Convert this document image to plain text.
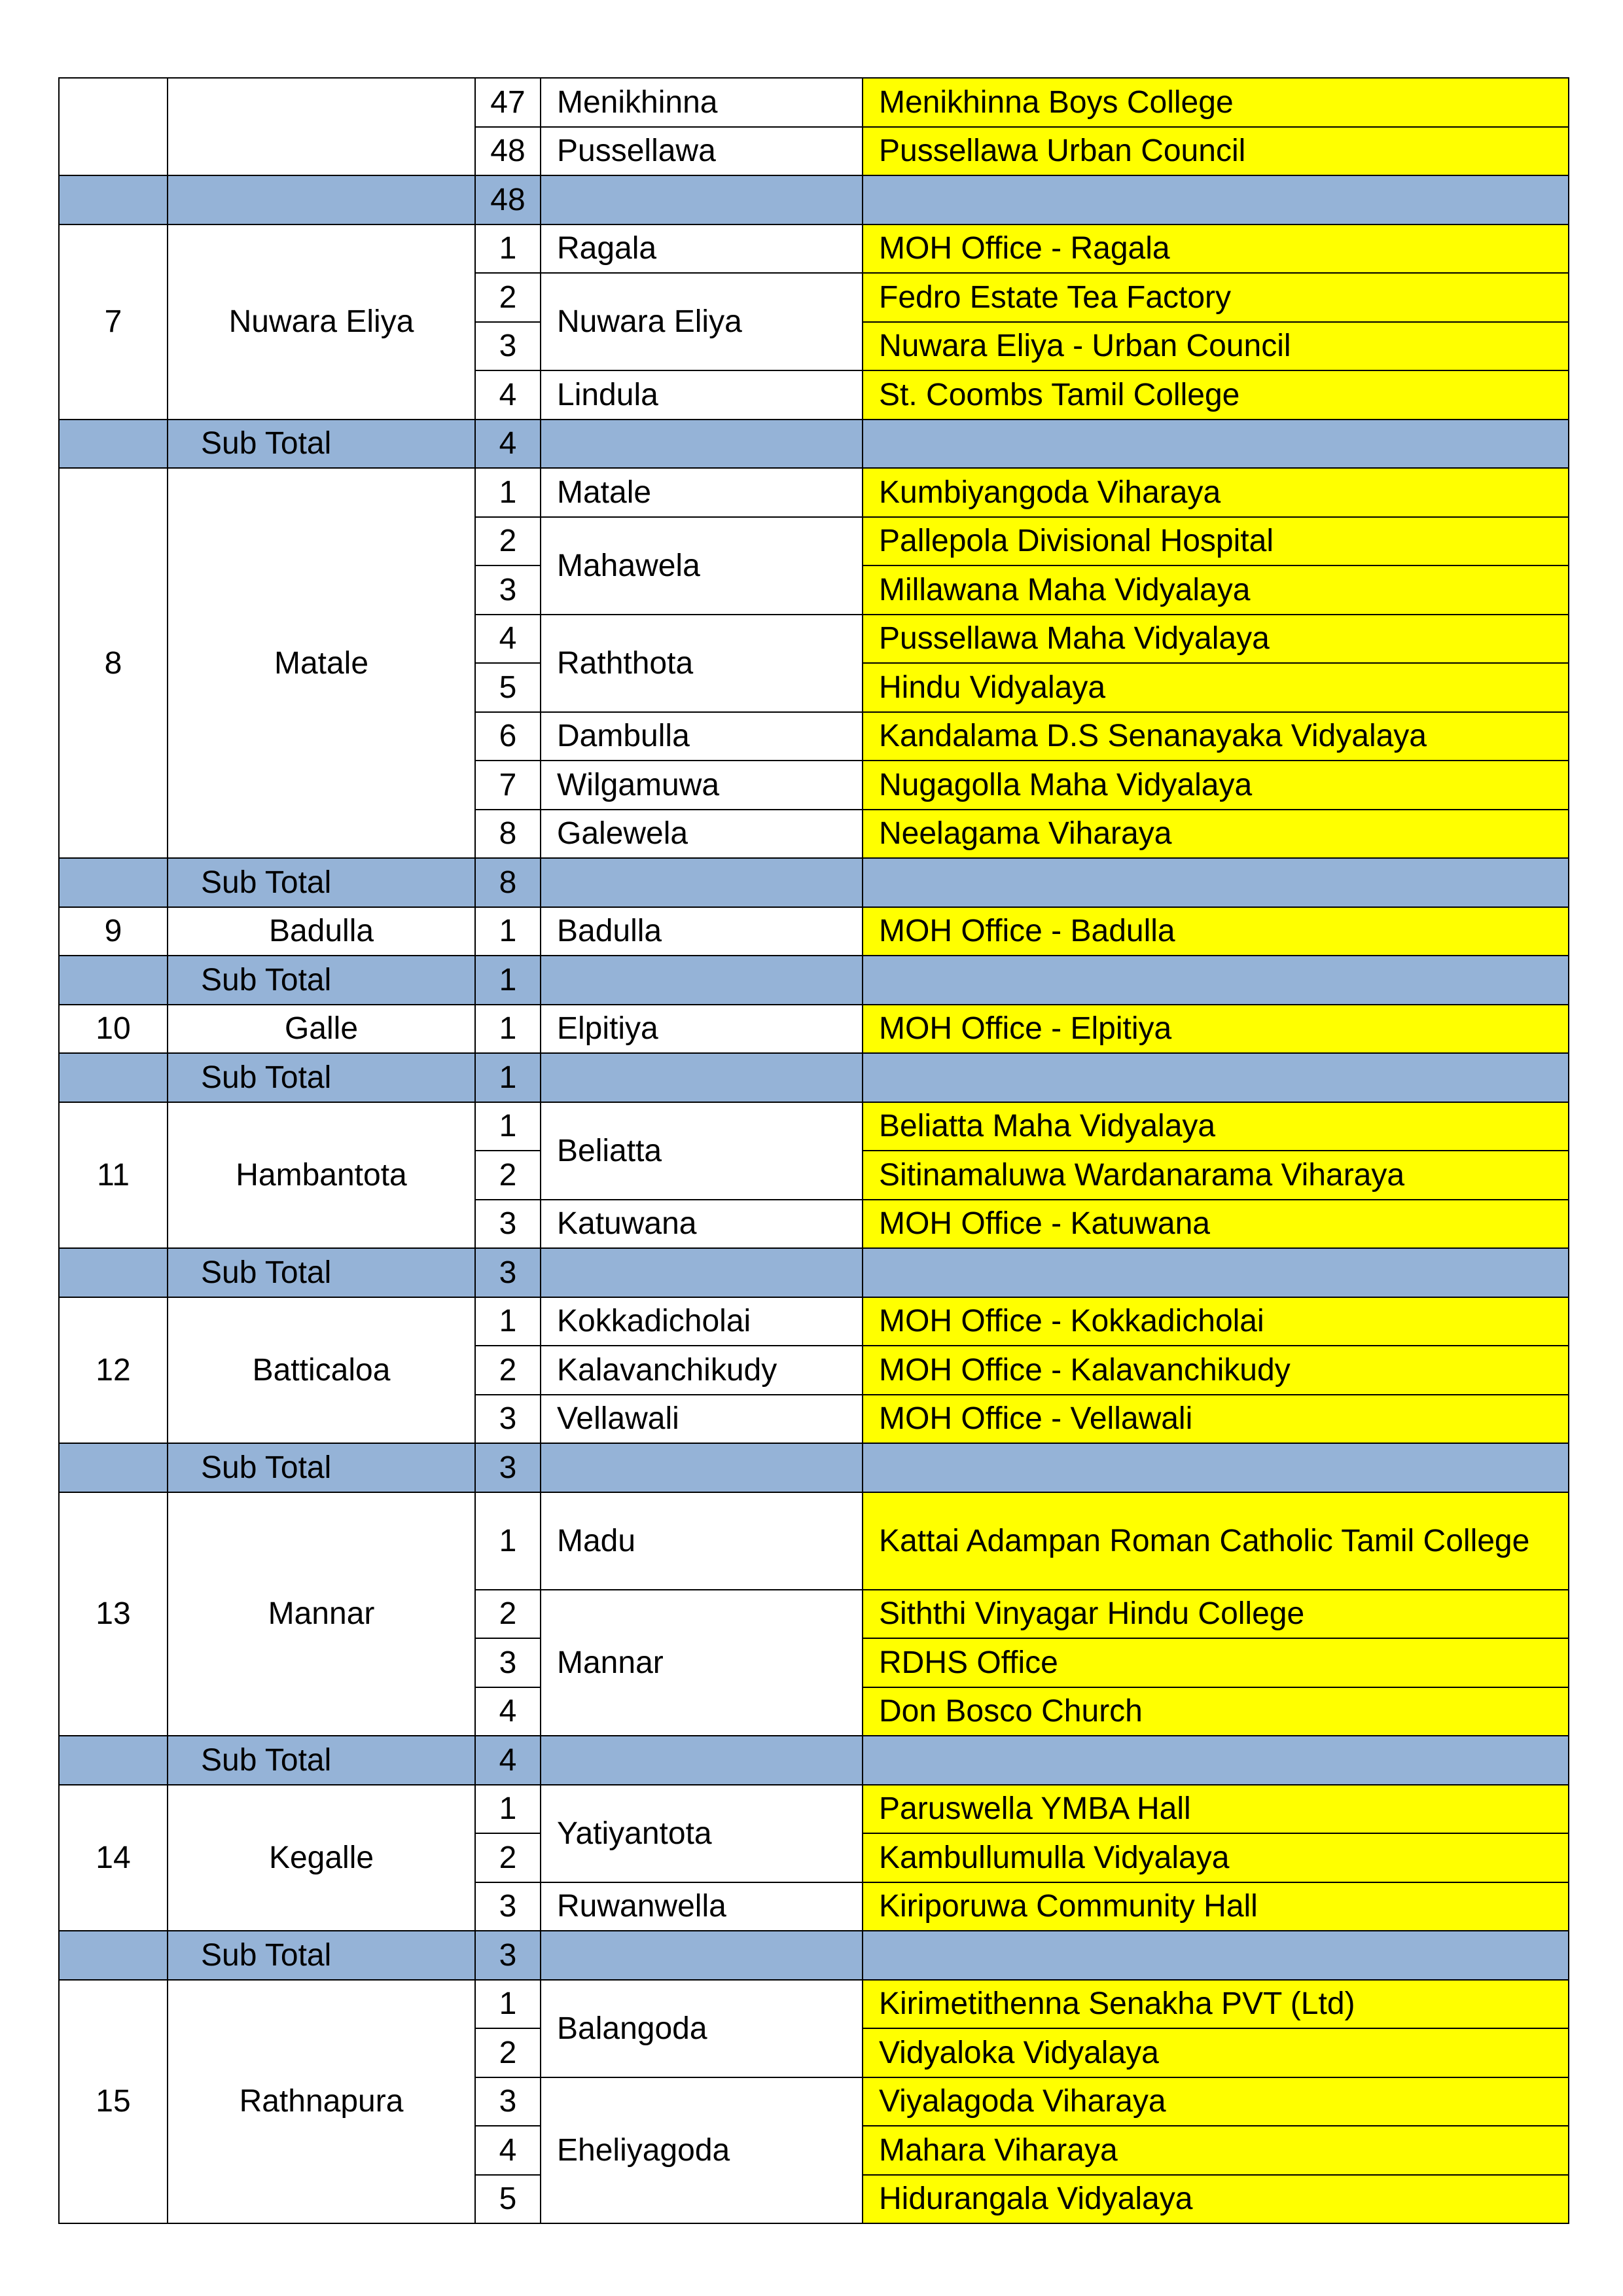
		47	Menikhinna	Menikhinna Boys College
		48	Pussellawa	Pussellawa Urban Council
		48		
7	Nuwara Eliya	1	Ragala	MOH Office - Ragala
		2	Nuwara Eliya	Fedro Estate Tea Factory
		3		Nuwara Eliya - Urban Council
		4	Lindula	St. Coombs Tamil College
	Sub Total	4		
8	Matale	1	Matale	Kumbiyangoda Viharaya
		2	Mahawela	Pallepola Divisional Hospital
		3		Millawana Maha Vidyalaya
		4	Raththota	Pussellawa Maha Vidyalaya
		5		Hindu Vidyalaya
		6	Dambulla	Kandalama D.S Senanayaka Vidyalaya
		7	Wilgamuwa	Nugagolla Maha Vidyalaya
		8	Galewela	Neelagama Viharaya
	Sub Total	8		
9	Badulla	1	Badulla	MOH Office - Badulla
	Sub Total	1		
10	Galle	1	Elpitiya	MOH Office - Elpitiya
	Sub Total	1		
11	Hambantota	1	Beliatta	Beliatta Maha Vidyalaya
		2		Sitinamaluwa Wardanarama Viharaya
		3	Katuwana	MOH Office - Katuwana
	Sub Total	3		
12	Batticaloa	1	Kokkadicholai	MOH Office - Kokkadicholai
		2	Kalavanchikudy	MOH Office - Kalavanchikudy
		3	Vellawali	MOH Office - Vellawali
	Sub Total	3		
13	Mannar	1	Madu	Kattai Adampan Roman Catholic Tamil College
		2	Mannar	Siththi Vinyagar Hindu College
		3		RDHS Office
		4		Don Bosco Church
	Sub Total	4		
14	Kegalle	1	Yatiyantota	Paruswella YMBA Hall
		2		Kambullumulla Vidyalaya
		3	Ruwanwella	Kiriporuwa Community Hall
	Sub Total	3		
15	Rathnapura	1	Balangoda	Kirimetithenna Senakha PVT (Ltd)
		2		Vidyaloka Vidyalaya
		3	Eheliyagoda	Viyalagoda Viharaya
		4		Mahara Viharaya
		5		Hidurangala Vidyalaya
